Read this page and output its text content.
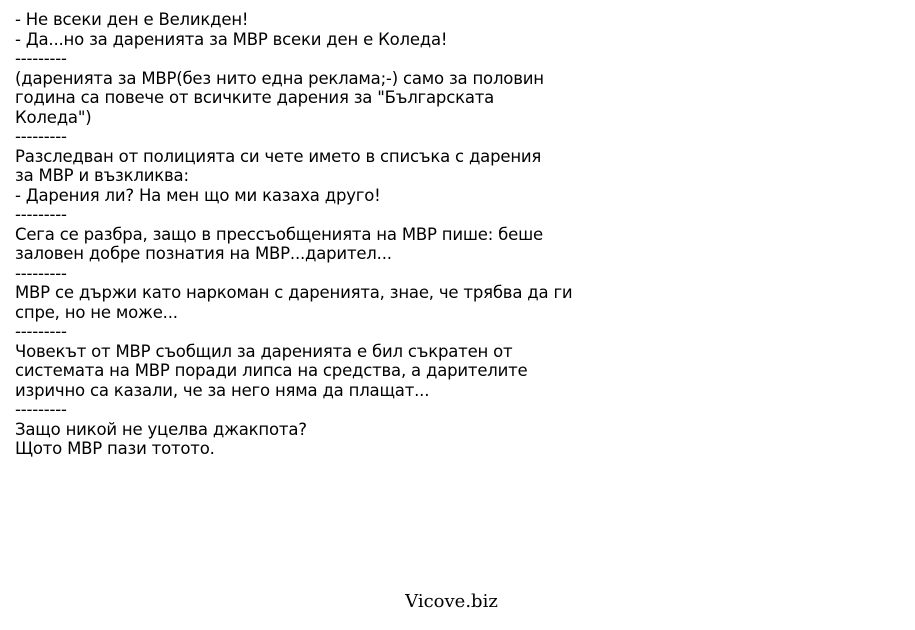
- Не всеки ден е Великден!
- Да...но за даренията за МВР всеки ден е Коледа!
---------
(даренията за МВР(без нито една реклама;-) само за половин
година са повече от всичките дарения за "Българската
Коледа")
---------
Разследван от полицията си чете името в списъка с дарения
за МВР и възкликва:
- Дарения ли? На мен що ми казаха друго!
---------
Сега се разбра, защо в пресcъобщенията на МВР пише: беше
заловен добре познатия на МВР...дарител...
---------
МВР се държи като наркоман с даренията, знае, че трябва да ги
спре, но не може...
---------
Човекът от МВР съобщил за даренията е бил съкратен от
системата на МВР поради липса на средства, а дарителите
изрично са казали, че за него няма да плащат...
---------
Защо никой не уцелва джакпота?
Щото МВР пази тотото.
Vicove.biz
